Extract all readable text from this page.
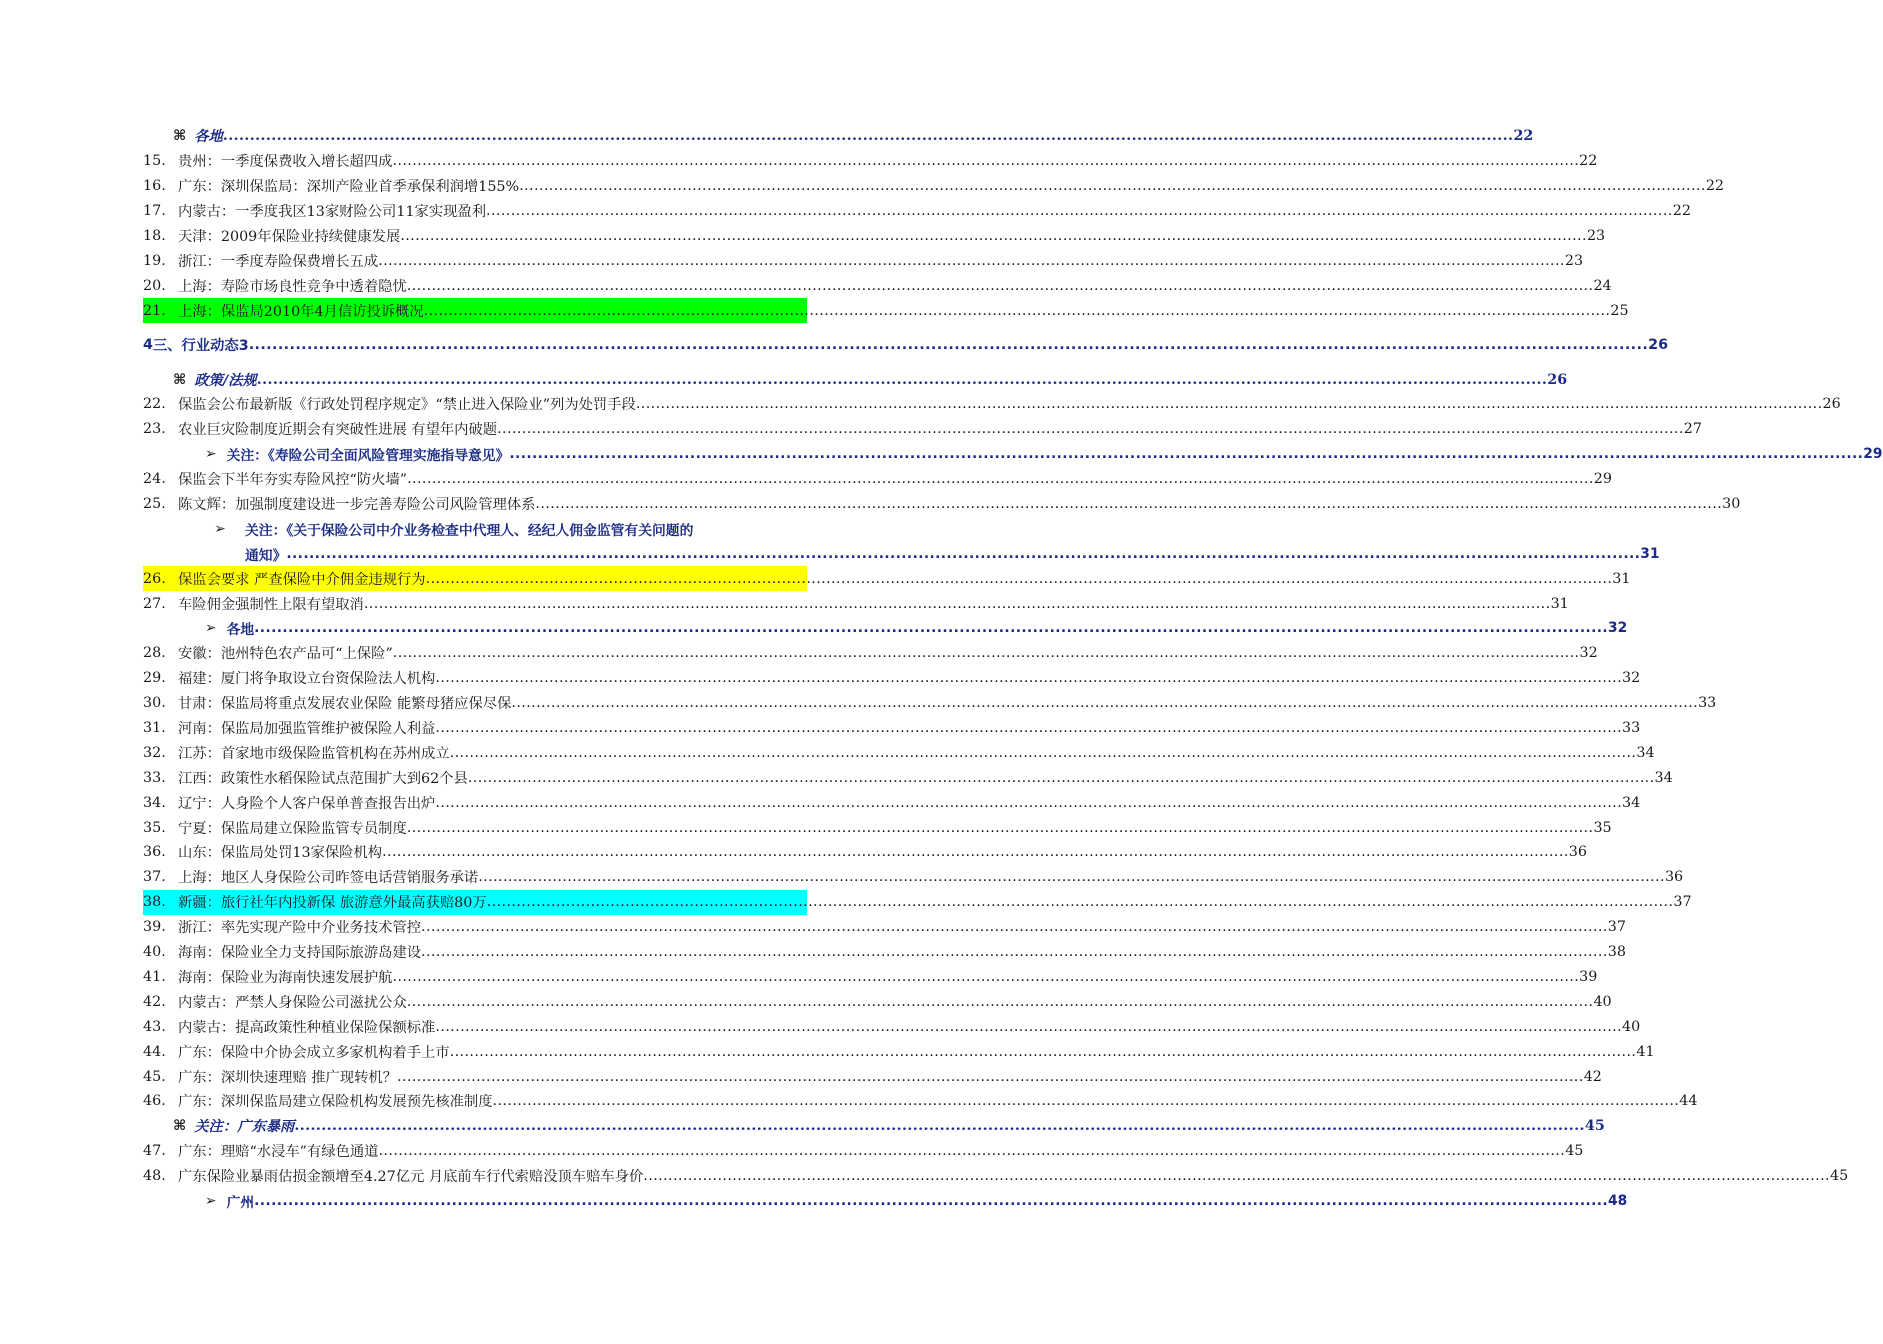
⌘ 各地 ................................................................................................................................................................................................................................................ 22
15. 贵州：一季度保费收入增长超四成 ................................................................................................................................................................................................................................................ 22
16. 广东：深圳保监局：深圳产险业首季承保利润增155% ................................................................................................................................................................................................................................................ 22
17. 内蒙古：一季度我区13家财险公司11家实现盈利 ................................................................................................................................................................................................................................................ 22
18. 天津：2009年保险业持续健康发展 ................................................................................................................................................................................................................................................ 23
19. 浙江：一季度寿险保费增长五成 ................................................................................................................................................................................................................................................ 23
20. 上海：寿险市场良性竞争中透着隐忧 ................................................................................................................................................................................................................................................ 24
21. 上海：保监局2010年4月信访投诉概况 ................................................................................................................................................................................................................................................ 25
4 三、行业动态3 ................................................................................................................................................................................................................................................ 26
⌘ 政策/法规 ................................................................................................................................................................................................................................................ 26
22. 保监会公布最新版《行政处罚程序规定》“禁止进入保险业”列为处罚手段 ................................................................................................................................................................................................................................................ 26
23. 农业巨灾险制度近期会有突破性进展 有望年内破题 ................................................................................................................................................................................................................................................ 27
➢ 关注：《寿险公司全面风险管理实施指导意见》 ................................................................................................................................................................................................................................................ 29
24. 保监会下半年夯实寿险风控“防火墙” ................................................................................................................................................................................................................................................ 29
25. 陈文辉：加强制度建设进一步完善寿险公司风险管理体系 ................................................................................................................................................................................................................................................ 30
➢	关注：《关于保险公司中介业务检查中代理人、经纪人佣金监管有关问题的
通知》 ................................................................................................................................................................................................................................................ 31
26. 保监会要求 严查保险中介佣金违规行为 ................................................................................................................................................................................................................................................ 31
27. 车险佣金强制性上限有望取消 ................................................................................................................................................................................................................................................ 31
➢ 各地 ................................................................................................................................................................................................................................................ 32
28. 安徽：池州特色农产品可“上保险” ................................................................................................................................................................................................................................................ 32
29. 福建：厦门将争取设立台资保险法人机构 ................................................................................................................................................................................................................................................ 32
30. 甘肃：保监局将重点发展农业保险 能繁母猪应保尽保 ................................................................................................................................................................................................................................................ 33
31. 河南：保监局加强监管维护被保险人利益 ................................................................................................................................................................................................................................................ 33
32. 江苏：首家地市级保险监管机构在苏州成立 ................................................................................................................................................................................................................................................ 34
33. 江西：政策性水稻保险试点范围扩大到62个县 ................................................................................................................................................................................................................................................ 34
34. 辽宁：人身险个人客户保单普查报告出炉 ................................................................................................................................................................................................................................................ 34
35. 宁夏：保监局建立保险监管专员制度 ................................................................................................................................................................................................................................................ 35
36. 山东：保监局处罚13家保险机构 ................................................................................................................................................................................................................................................ 36
37. 上海：地区人身保险公司昨签电话营销服务承诺 ................................................................................................................................................................................................................................................ 36
38. 新疆：旅行社年内投新保 旅游意外最高获赔80万 ................................................................................................................................................................................................................................................ 37
39. 浙江：率先实现产险中介业务技术管控 ................................................................................................................................................................................................................................................ 37
40. 海南：保险业全力支持国际旅游岛建设 ................................................................................................................................................................................................................................................ 38
41. 海南：保险业为海南快速发展护航 ................................................................................................................................................................................................................................................ 39
42. 内蒙古：严禁人身保险公司滋扰公众 ................................................................................................................................................................................................................................................ 40
43. 内蒙古：提高政策性种植业保险保额标准 ................................................................................................................................................................................................................................................ 40
44. 广东：保险中介协会成立多家机构着手上市 ................................................................................................................................................................................................................................................ 41
45. 广东：深圳快速理赔 推广现转机？ ................................................................................................................................................................................................................................................ 42
46. 广东：深圳保监局建立保险机构发展预先核准制度 ................................................................................................................................................................................................................................................ 44
⌘ 关注：广东暴雨 ................................................................................................................................................................................................................................................ 45
47. 广东：理赔“水浸车”有绿色通道 ................................................................................................................................................................................................................................................ 45
48. 广东保险业暴雨估损金额增至4.27亿元 月底前车行代索赔没顶车赔车身价 ................................................................................................................................................................................................................................................ 45
➢ 广州 ................................................................................................................................................................................................................................................ 48
